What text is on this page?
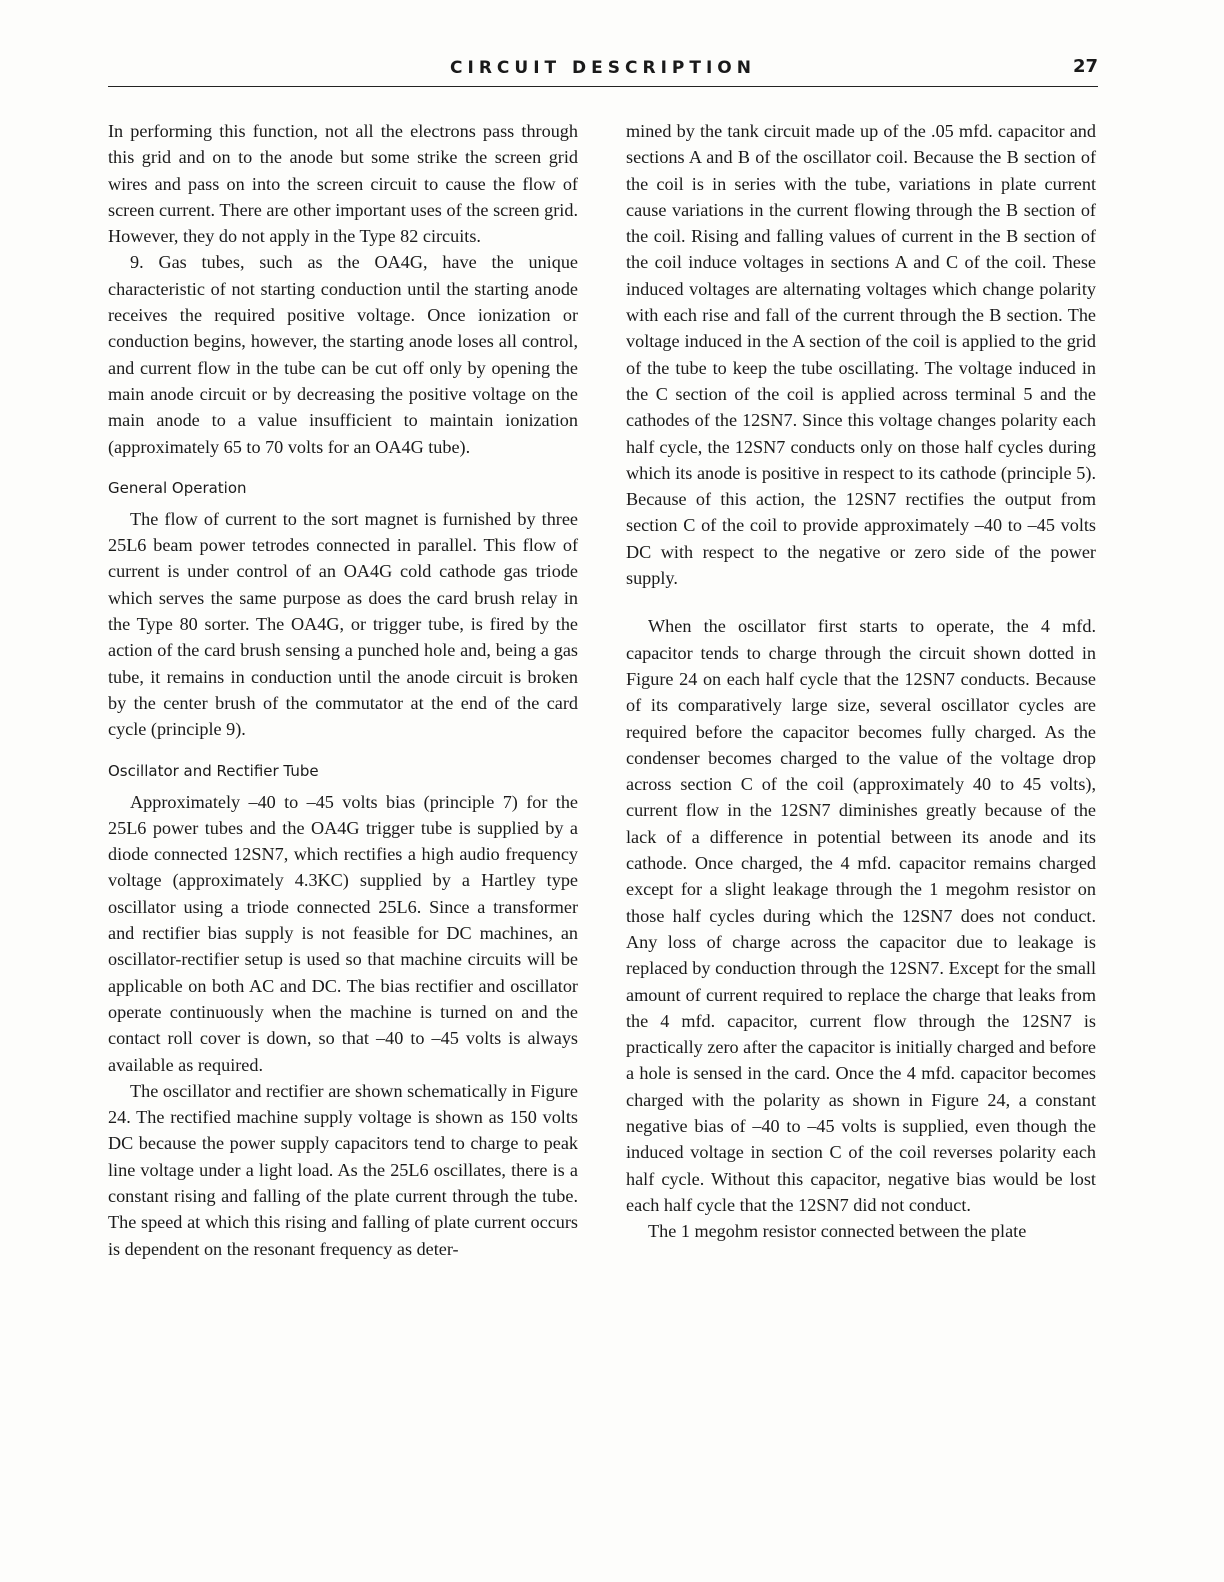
CIRCUIT DESCRIPTION	27

In performing this function, not all the electrons pass through this grid and on to the anode but some strike the screen grid wires and pass on into the screen circuit to cause the flow of screen current. There are other important uses of the screen grid. However, they do not apply in the Type 82 circuits.

9. Gas tubes, such as the OA4G, have the unique characteristic of not starting conduction until the starting anode receives the required positive voltage. Once ionization or conduction begins, however, the starting anode loses all control, and current flow in the tube can be cut off only by opening the main anode circuit or by decreasing the positive voltage on the main anode to a value insufficient to maintain ionization (approximately 65 to 70 volts for an OA4G tube).

General Operation

The flow of current to the sort magnet is furnished by three 25L6 beam power tetrodes connected in parallel. This flow of current is under control of an OA4G cold cathode gas triode which serves the same purpose as does the card brush relay in the Type 80 sorter. The OA4G, or trigger tube, is fired by the action of the card brush sensing a punched hole and, being a gas tube, it remains in conduction until the anode circuit is broken by the center brush of the commutator at the end of the card cycle (principle 9).

Oscillator and Rectifier Tube

Approximately –40 to –45 volts bias (principle 7) for the 25L6 power tubes and the OA4G trigger tube is supplied by a diode connected 12SN7, which rectifies a high audio frequency voltage (approximately 4.3KC) supplied by a Hartley type oscillator using a triode connected 25L6. Since a transformer and rectifier bias supply is not feasible for DC machines, an oscillator-rectifier setup is used so that machine circuits will be applicable on both AC and DC. The bias rectifier and oscillator operate continuously when the machine is turned on and the contact roll cover is down, so that –40 to –45 volts is always available as required.

The oscillator and rectifier are shown schematically in Figure 24. The rectified machine supply voltage is shown as 150 volts DC because the power supply capacitors tend to charge to peak line voltage under a light load. As the 25L6 oscillates, there is a constant rising and falling of the plate current through the tube. The speed at which this rising and falling of plate current occurs is dependent on the resonant frequency as deter-

mined by the tank circuit made up of the .05 mfd. capacitor and sections A and B of the oscillator coil. Because the B section of the coil is in series with the tube, variations in plate current cause variations in the current flowing through the B section of the coil. Rising and falling values of current in the B section of the coil induce voltages in sections A and C of the coil. These induced voltages are alternating voltages which change polarity with each rise and fall of the current through the B section. The voltage induced in the A section of the coil is applied to the grid of the tube to keep the tube oscillating. The voltage induced in the C section of the coil is applied across terminal 5 and the cathodes of the 12SN7. Since this voltage changes polarity each half cycle, the 12SN7 conducts only on those half cycles during which its anode is positive in respect to its cathode (principle 5). Because of this action, the 12SN7 rectifies the output from section C of the coil to provide approximately –40 to –45 volts DC with respect to the negative or zero side of the power supply.

When the oscillator first starts to operate, the 4 mfd. capacitor tends to charge through the circuit shown dotted in Figure 24 on each half cycle that the 12SN7 conducts. Because of its comparatively large size, several oscillator cycles are required before the capacitor becomes fully charged. As the condenser becomes charged to the value of the voltage drop across section C of the coil (approximately 40 to 45 volts), current flow in the 12SN7 diminishes greatly because of the lack of a difference in potential between its anode and its cathode. Once charged, the 4 mfd. capacitor remains charged except for a slight leakage through the 1 megohm resistor on those half cycles during which the 12SN7 does not conduct. Any loss of charge across the capacitor due to leakage is replaced by conduction through the 12SN7. Except for the small amount of current required to replace the charge that leaks from the 4 mfd. capacitor, current flow through the 12SN7 is practically zero after the capacitor is initially charged and before a hole is sensed in the card. Once the 4 mfd. capacitor becomes charged with the polarity as shown in Figure 24, a constant negative bias of –40 to –45 volts is supplied, even though the induced voltage in section C of the coil reverses polarity each half cycle. Without this capacitor, negative bias would be lost each half cycle that the 12SN7 did not conduct.

The 1 megohm resistor connected between the plate
